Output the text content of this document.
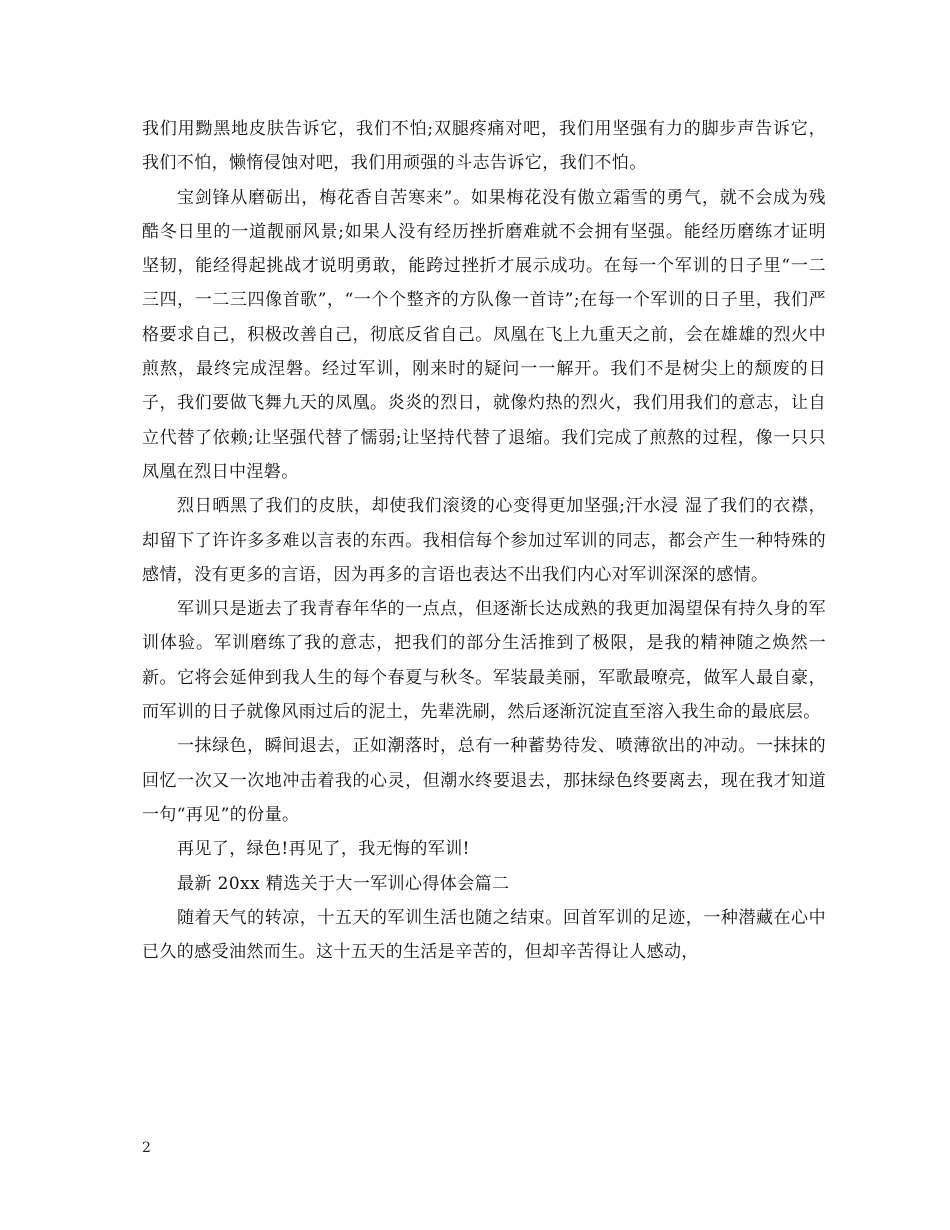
我们用黝黑地皮肤告诉它，我们不怕;双腿疼痛对吧，我们用坚强有力的脚步声告诉它，我们不怕，懒惰侵蚀对吧，我们用顽强的斗志告诉它，我们不怕。

宝剑锋从磨砺出，梅花香自苦寒来”。如果梅花没有傲立霜雪的勇气，就不会成为残酷冬日里的一道靓丽风景;如果人没有经历挫折磨难就不会拥有坚强。能经历磨练才证明坚韧，能经得起挑战才说明勇敢，能跨过挫折才展示成功。在每一个军训的日子里“一二三四，一二三四像首歌”，“一个个整齐的方队像一首诗”;在每一个军训的日子里，我们严格要求自己，积极改善自己，彻底反省自己。凤凰在飞上九重天之前，会在雄雄的烈火中煎熬，最终完成涅磐。经过军训，刚来时的疑问一一解开。我们不是树尖上的颓废的日子，我们要做飞舞九天的凤凰。炎炎的烈日，就像灼热的烈火，我们用我们的意志，让自立代替了依赖;让坚强代替了懦弱;让坚持代替了退缩。我们完成了煎熬的过程，像一只只凤凰在烈日中涅磐。

烈日晒黑了我们的皮肤，却使我们滚烫的心变得更加坚强;汗水浸 湿了我们的衣襟，却留下了许许多多难以言表的东西。我相信每个参加过军训的同志，都会产生一种特殊的感情，没有更多的言语，因为再多的言语也表达不出我们内心对军训深深的感情。

军训只是逝去了我青春年华的一点点，但逐渐长达成熟的我更加渴望保有持久身的军训体验。军训磨练了我的意志，把我们的部分生活推到了极限，是我的精神随之焕然一新。它将会延伸到我人生的每个春夏与秋冬。军装最美丽，军歌最嘹亮，做军人最自豪，而军训的日子就像风雨过后的泥土，先辈洗刷，然后逐渐沉淀直至溶入我生命的最底层。

一抹绿色，瞬间退去，正如潮落时，总有一种蓄势待发、喷薄欲出的冲动。一抹抹的回忆一次又一次地冲击着我的心灵，但潮水终要退去，那抹绿色终要离去，现在我才知道一句“再见”的份量。

再见了，绿色!再见了，我无悔的军训!

最新 20xx 精选关于大一军训心得体会篇二

随着天气的转凉，十五天的军训生活也随之结束。回首军训的足迹，一种潜藏在心中已久的感受油然而生。这十五天的生活是辛苦的，但却辛苦得让人感动，

2
